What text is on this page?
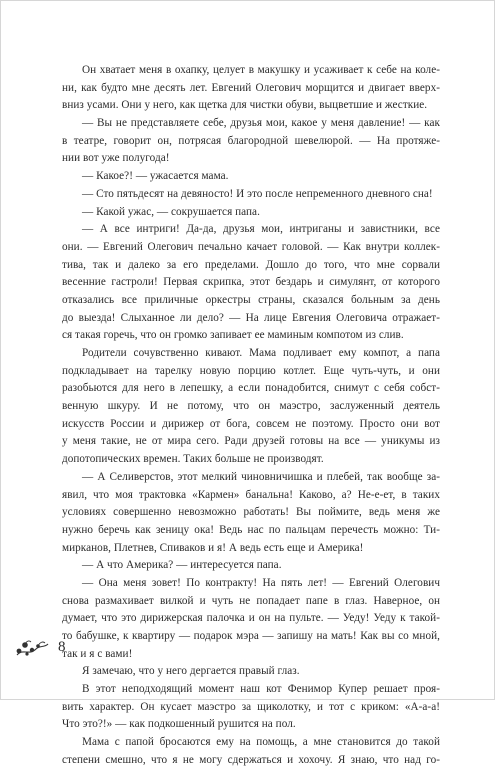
Он хватает меня в охапку, целует в макушку и усаживает к себе на коле-
ни, как будто мне десять лет. Евгений Олегович морщится и двигает вверх-
вниз усами. Они у него, как щетка для чистки обуви, выцветшие и жесткие.
— Вы не представляете себе, друзья мои, какое у меня давление! — как
в театре, говорит он, потрясая благородной шевелюрой. — На протяже-
нии вот уже полугода!
— Какое?! — ужасается мама.
— Сто пятьдесят на девяносто! И это после непременного дневного сна!
— Какой ужас, — сокрушается папа.
— А все интриги! Да-да, друзья мои, интриганы и завистники, все
они. — Евгений Олегович печально качает головой. — Как внутри коллек-
тива, так и далеко за его пределами. Дошло до того, что мне сорвали
весенние гастроли! Первая скрипка, этот бездарь и симулянт, от которого
отказались все приличные оркестры страны, сказался больным за день
до выезда! Слыханное ли дело? — На лице Евгения Олеговича отражает-
ся такая горечь, что он громко запивает ее маминым компотом из слив.
Родители сочувственно кивают. Мама подливает ему компот, а папа
подкладывает на тарелку новую порцию котлет. Еще чуть-чуть, и они
разобьются для него в лепешку, а если понадобится, снимут с себя собст-
венную шкуру. И не потому, что он маэстро, заслуженный деятель
искусств России и дирижер от бога, совсем не поэтому. Просто они вот
у меня такие, не от мира сего. Ради друзей готовы на все — уникумы из
допотопических времен. Таких больше не производят.
— А Селиверстов, этот мелкий чиновничишка и плебей, так вообще за-
явил, что моя трактовка «Кармен» банальна! Каково, а? Не-е-ет, в таких
условиях совершенно невозможно работать! Вы поймите, ведь меня же
нужно беречь как зеницу ока! Ведь нас по пальцам перечесть можно: Ти-
мирканов, Плетнев, Спиваков и я! А ведь есть еще и Америка!
— А что Америка? — интересуется папа.
— Она меня зовет! По контракту! На пять лет! — Евгений Олегович
снова размахивает вилкой и чуть не попадает папе в глаз. Наверное, он
думает, что это дирижерская палочка и он на пульте. — Уеду! Уеду к такой-
то бабушке, к квартиру — подарок мэра — запишу на мать! Как вы со мной,
так и я с вами!
Я замечаю, что у него дергается правый глаз.
В этот неподходящий момент наш кот Фенимор Купер решает проя-
вить характер. Он кусает маэстро за щиколотку, и тот с криком: «А-а-а!
Что это?!» — как подкошенный рушится на пол.
Мама с папой бросаются ему на помощь, а мне становится до такой
степени смешно, что я не могу сдержаться и хохочу. Я знаю, что над го-
8
